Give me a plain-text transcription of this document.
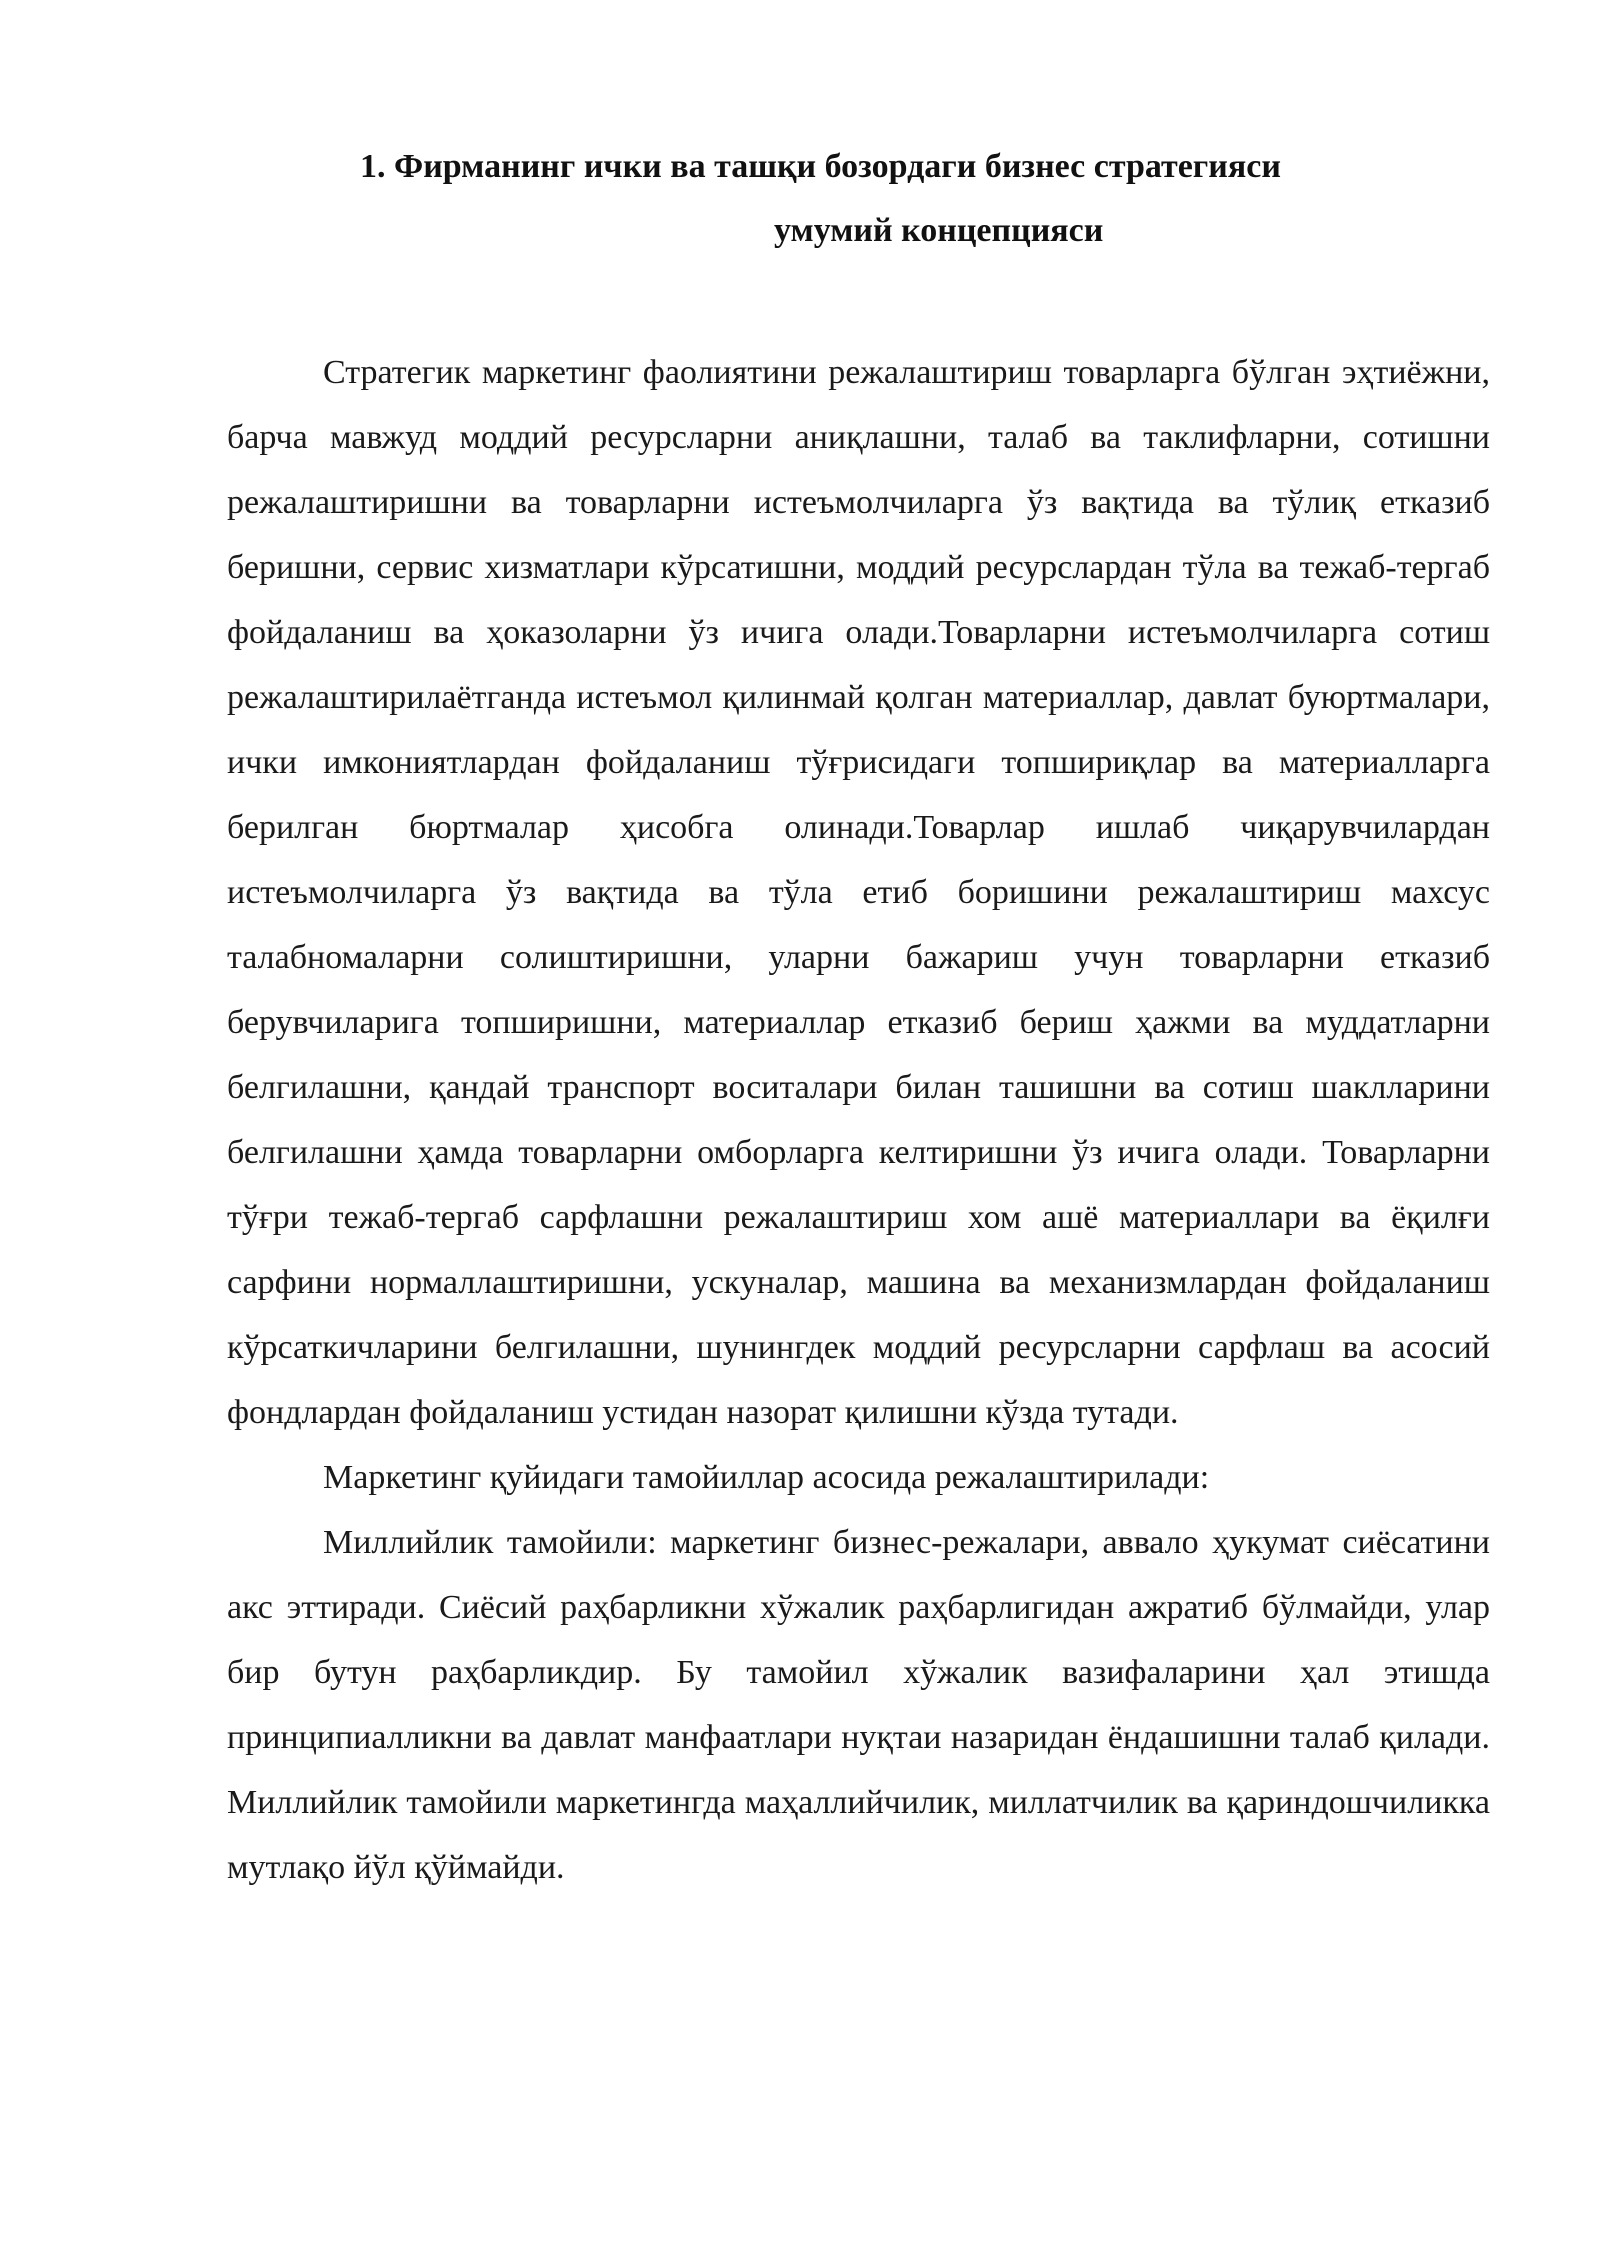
1. Фирманинг ички ва ташқи бозордаги бизнес стратегияси
умумий концепцияси

Стратегик маркетинг фаолиятини режалаштириш товарларга бўлган эҳтиёжни, барча мавжуд моддий ресурсларни аниқлашни, талаб ва таклифларни, сотишни режалаштиришни ва товарларни истеъмолчиларга ўз вақтида ва тўлиқ етказиб беришни, сервис хизматлари кўрсатишни, моддий ресурслардан тўла ва тежаб-тергаб фойдаланиш ва ҳоказоларни ўз ичига олади.Товарларни истеъмолчиларга сотиш режалаштирилаётганда истеъмол қилинмай қолган материаллар, давлат буюртмалари, ички имкониятлардан фойдаланиш тўғрисидаги топшириқлар ва материалларга берилган бюртмалар ҳисобга олинади.Товарлар ишлаб чиқарувчилардан истеъмолчиларга ўз вақтида ва тўла етиб боришини режалаштириш махсус талабномаларни солиштиришни, уларни бажариш учун товарларни етказиб берувчиларига топширишни, материаллар етказиб бериш ҳажми ва муддатларни белгилашни, қандай транспорт воситалари билан ташишни ва сотиш шаклларини белгилашни ҳамда товарларни омборларга келтиришни ўз ичига олади. Товарларни тўғри тежаб-тергаб сарфлашни режалаштириш хом ашё материаллари ва ёқилғи сарфини нормаллаштиришни, ускуналар, машина ва механизмлардан фойдаланиш кўрсаткичларини белгилашни, шунингдек моддий ресурсларни сарфлаш ва асосий фондлардан фойдаланиш устидан назорат қилишни кўзда тутади.

Маркетинг қуйидаги тамойиллар асосида режалаштирилади:

Миллийлик тамойили: маркетинг бизнес-режалари, аввало ҳукумат сиёсатини акс эттиради. Сиёсий раҳбарликни хўжалик раҳбарлигидан ажратиб бўлмайди, улар бир бутун раҳбарликдир. Бу тамойил хўжалик вазифаларини ҳал этишда принципиалликни ва давлат манфаатлари нуқтаи назаридан ёндашишни талаб қилади. Миллийлик тамойили маркетингда маҳаллийчилик, миллатчилик ва қариндошчиликка мутлақо йўл қўймайди.
